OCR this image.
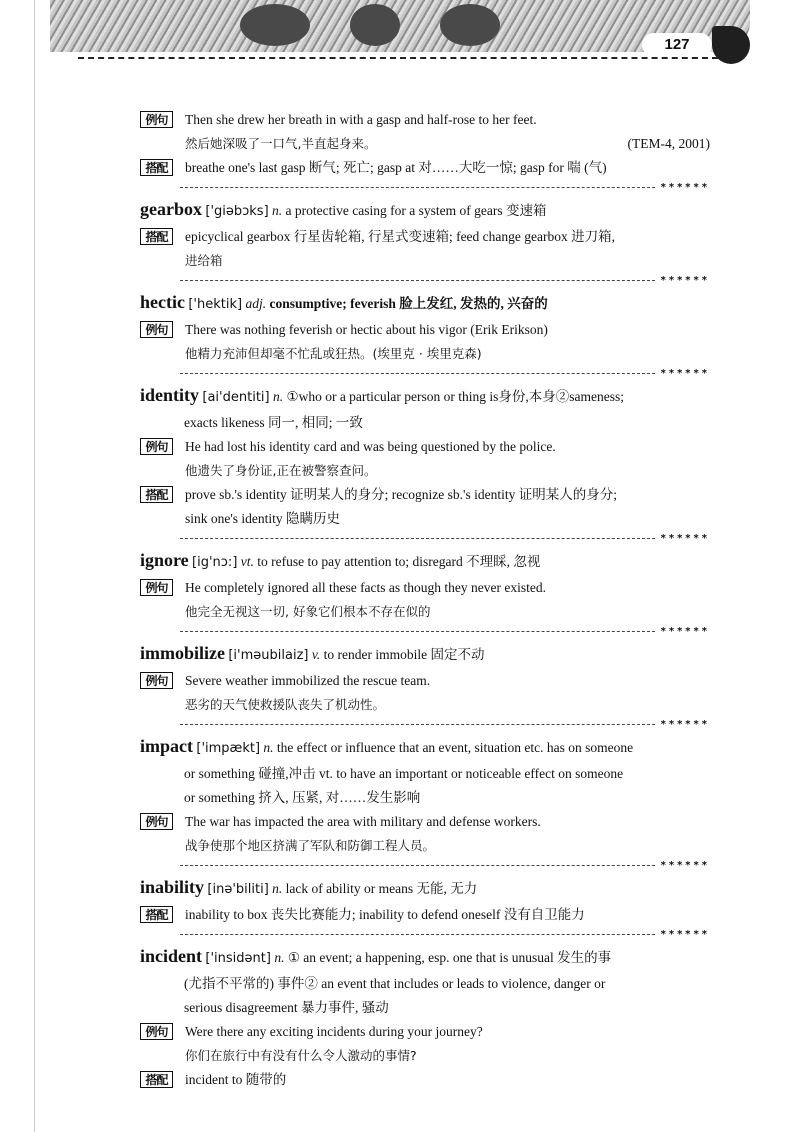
127
例句	Then she drew her breath in with a gasp and half-rose to her feet.
然后她深吸了一口气,半直起身来。	(TEM-4, 2001)
搭配	breathe one's last gasp 断气; 死亡; gasp at 对……大吃一惊; gasp for 喘 (气)
******
gearbox ['giəbɔks] n. a protective casing for a system of gears 变速箱
搭配	epicyclical gearbox 行星齿轮箱, 行星式变速箱; feed change gearbox 进刀箱,
进给箱
******
hectic ['hektik] adj. consumptive; feverish 脸上发红, 发热的, 兴奋的
例句	There was nothing feverish or hectic about his vigor (Erik Erikson)
他精力充沛但却毫不忙乱或狂热。(埃里克 · 埃里克森)
******
identity [ai'dentiti] n. ①who or a particular person or thing is身份,本身②sameness;
exacts likeness 同一, 相同; 一致
例句	He had lost his identity card and was being questioned by the police.
他遗失了身份证,正在被警察查问。
搭配	prove sb.'s identity 证明某人的身分; recognize sb.'s identity 证明某人的身分;
sink one's identity 隐瞒历史
******
ignore [ig'nɔ:] vt. to refuse to pay attention to; disregard 不理睬, 忽视
例句	He completely ignored all these facts as though they never existed.
他完全无视这一切, 好象它们根本不存在似的
******
immobilize [i'məubilaiz] v. to render immobile 固定不动
例句	Severe weather immobilized the rescue team.
恶劣的天气使救援队丧失了机动性。
******
impact ['impækt] n. the effect or influence that an event, situation etc. has on someone
or something 碰撞,冲击 vt. to have an important or noticeable effect on someone
or something 挤入, 压紧, 对……发生影响
例句	The war has impacted the area with military and defense workers.
战争使那个地区挤满了军队和防御工程人员。
******
inability [inə'biliti] n. lack of ability or means 无能, 无力
搭配	inability to box 丧失比赛能力; inability to defend oneself 没有自卫能力
******
incident ['insidənt] n. ① an event; a happening, esp. one that is unusual 发生的事
(尤指不平常的) 事件② an event that includes or leads to violence, danger or
serious disagreement 暴力事件, 骚动
例句	Were there any exciting incidents during your journey?
你们在旅行中有没有什么令人激动的事情?
搭配	incident to 随带的
